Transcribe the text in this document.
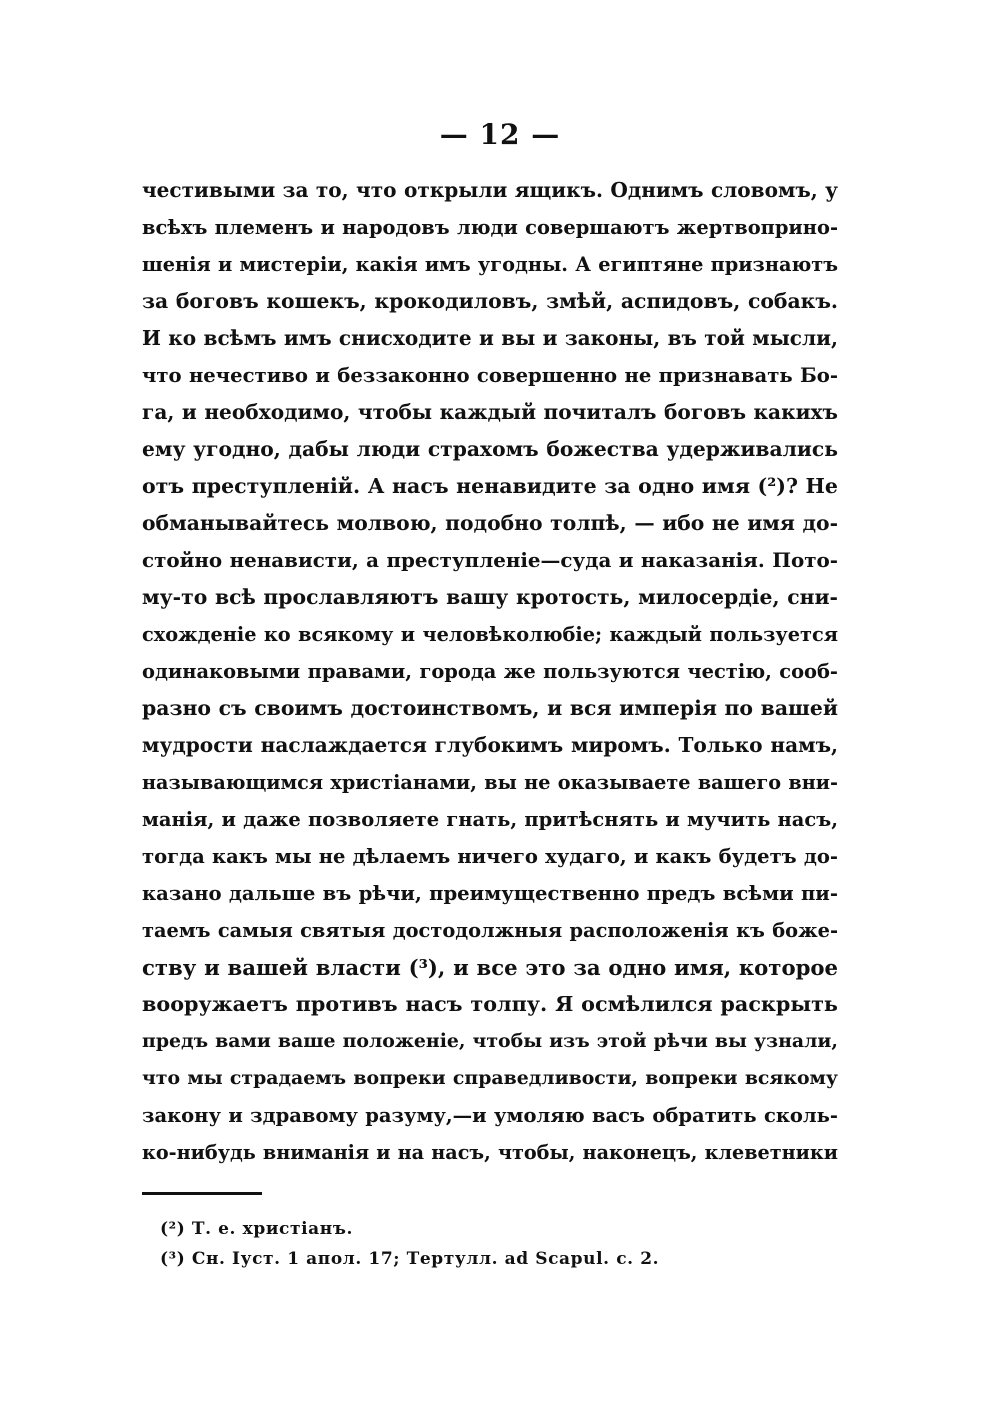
— 12 —
честивыми за то, что открыли ящикъ. Однимъ словомъ, у
всѣхъ племенъ и народовъ люди совершаютъ жертвоприно-
шенія и мистеріи, какія имъ угодны. А египтяне признаютъ
за боговъ кошекъ, крокодиловъ, змѣй, аспидовъ, собакъ.
И ко всѣмъ имъ снисходите и вы и законы, въ той мысли,
что нечестиво и беззаконно совершенно не признавать Бо-
га, и необходимо, чтобы каждый почиталъ боговъ какихъ
ему угодно, дабы люди страхомъ божества удерживались
отъ преступленій. А насъ ненавидите за одно имя (²)? Не
обманывайтесь молвою, подобно толпѣ, — ибо не имя до-
стойно ненависти, а преступленіе—суда и наказанія. Пото-
му-то всѣ прославляютъ вашу кротость, милосердіе, сни-
схожденіе ко всякому и человѣколюбіе; каждый пользуется
одинаковыми правами, города же пользуются честію, сооб-
разно съ своимъ достоинствомъ, и вся имперія по вашей
мудрости наслаждается глубокимъ миромъ. Только намъ,
называющимся христіанами, вы не оказываете вашего вни-
манія, и даже позволяете гнать, притѣснять и мучить насъ,
тогда какъ мы не дѣлаемъ ничего худаго, и какъ будетъ до-
казано дальше въ рѣчи, преимущественно предъ всѣми пи-
таемъ самыя святыя достодолжныя расположенія къ боже-
ству и вашей власти (³), и все это за одно имя, которое
вооружаетъ противъ насъ толпу. Я осмѣлился раскрыть
предъ вами ваше положеніе, чтобы изъ этой рѣчи вы узнали,
что мы страдаемъ вопреки справедливости, вопреки всякому
закону и здравому разуму,—и умоляю васъ обратить сколь-
ко-нибудь вниманія и на насъ, чтобы, наконецъ, клеветники
(²) Т. е. христіанъ.
(³) Сн. Іуст. 1 апол. 17; Тертулл. ad Scapul. с. 2.
